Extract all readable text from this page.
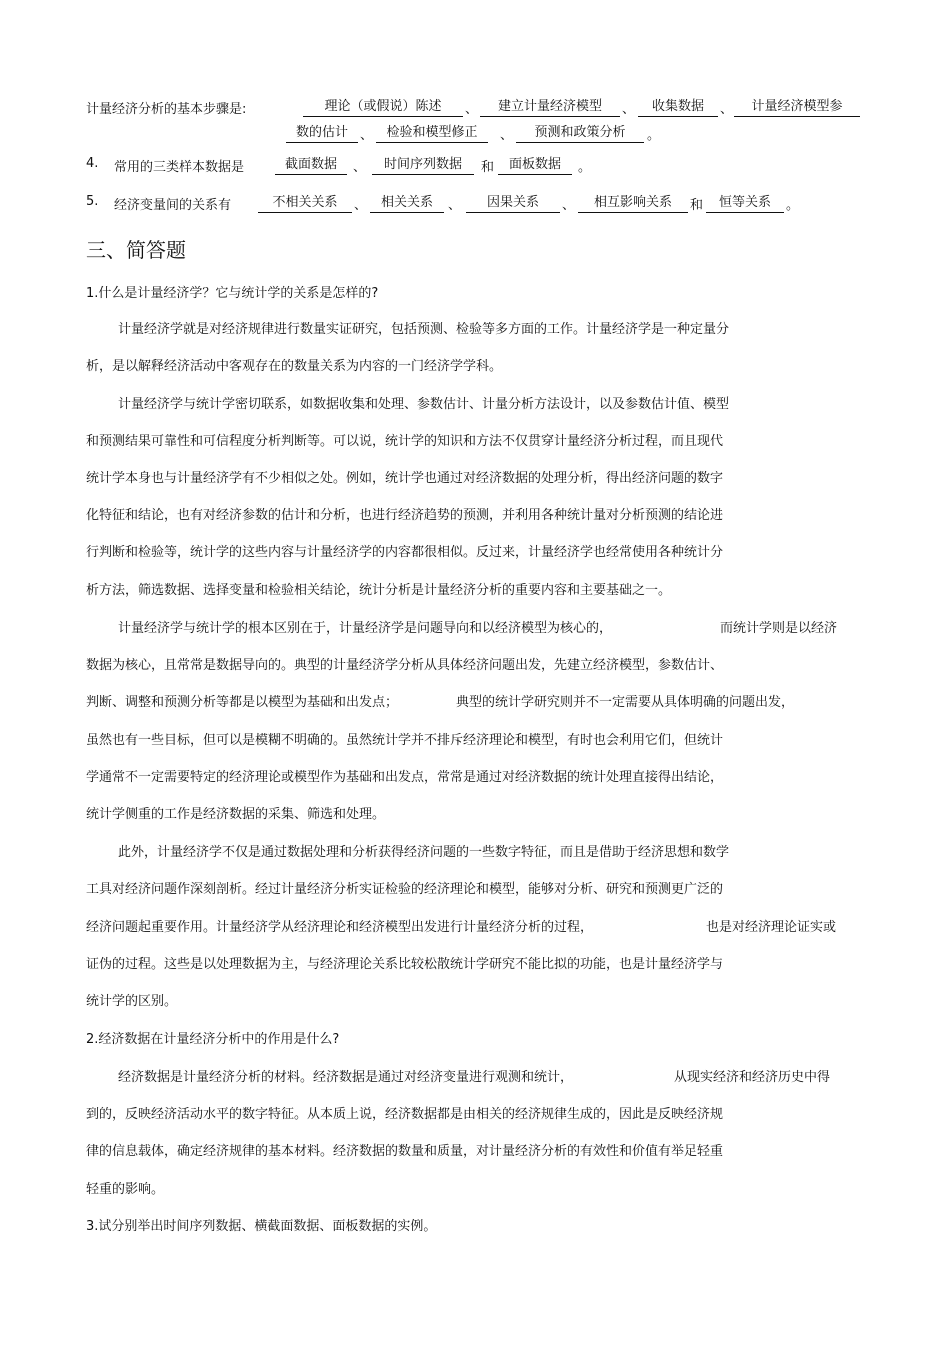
计量经济分析的基本步骤是:	理论（或假说）陈述	、	建立计量经济模型	、	收集数据	、	计量经济模型参
数的估计 、	检验和模型修正	、	预测和政策分析	。
4. 常用的三类样本数据是	截面数据	、	时间序列数据	和	面板数据	。
5. 经济变量间的关系有	不相关关系	、	相关关系	、	因果关系	、	相互影响关系	和	恒等关系	。
三、简答题
1.什么是计量经济学？它与统计学的关系是怎样的?
计量经济学就是对经济规律进行数量实证研究，包括预测、检验等多方面的工作。计量经济学是一种定量分
析，是以解释经济活动中客观存在的数量关系为内容的一门经济学学科。
计量经济学与统计学密切联系，如数据收集和处理、参数估计、计量分析方法设计，以及参数估计值、模型
和预测结果可靠性和可信程度分析判断等。可以说，统计学的知识和方法不仅贯穿计量经济分析过程，而且现代
统计学本身也与计量经济学有不少相似之处。例如，统计学也通过对经济数据的处理分析，得出经济问题的数字
化特征和结论，也有对经济参数的估计和分析，也进行经济趋势的预测，并利用各种统计量对分析预测的结论进
行判断和检验等，统计学的这些内容与计量经济学的内容都很相似。反过来，计量经济学也经常使用各种统计分
析方法，筛选数据、选择变量和检验相关结论，统计分析是计量经济分析的重要内容和主要基础之一。
计量经济学与统计学的根本区别在于，计量经济学是问题导向和以经济模型为核心的，	而统计学则是以经济
数据为核心，且常常是数据导向的。典型的计量经济学分析从具体经济问题出发，先建立经济模型，参数估计、
判断、调整和预测分析等都是以模型为基础和出发点；	典型的统计学研究则并不一定需要从具体明确的问题出发，
虽然也有一些目标，但可以是模糊不明确的。虽然统计学并不排斥经济理论和模型，有时也会利用它们，但统计
学通常不一定需要特定的经济理论或模型作为基础和出发点，常常是通过对经济数据的统计处理直接得出结论，
统计学侧重的工作是经济数据的采集、筛选和处理。
此外，计量经济学不仅是通过数据处理和分析获得经济问题的一些数字特征，而且是借助于经济思想和数学
工具对经济问题作深刻剖析。经过计量经济分析实证检验的经济理论和模型，能够对分析、研究和预测更广泛的
经济问题起重要作用。计量经济学从经济理论和经济模型出发进行计量经济分析的过程，	也是对经济理论证实或
证伪的过程。这些是以处理数据为主，与经济理论关系比较松散统计学研究不能比拟的功能，也是计量经济学与
统计学的区别。
2.经济数据在计量经济分析中的作用是什么?
经济数据是计量经济分析的材料。经济数据是通过对经济变量进行观测和统计，	从现实经济和经济历史中得
到的，反映经济活动水平的数字特征。从本质上说，经济数据都是由相关的经济规律生成的，因此是反映经济规
律的信息载体，确定经济规律的基本材料。经济数据的数量和质量，对计量经济分析的有效性和价值有举足轻重
轻重的影响。
3.试分别举出时间序列数据、横截面数据、面板数据的实例。
